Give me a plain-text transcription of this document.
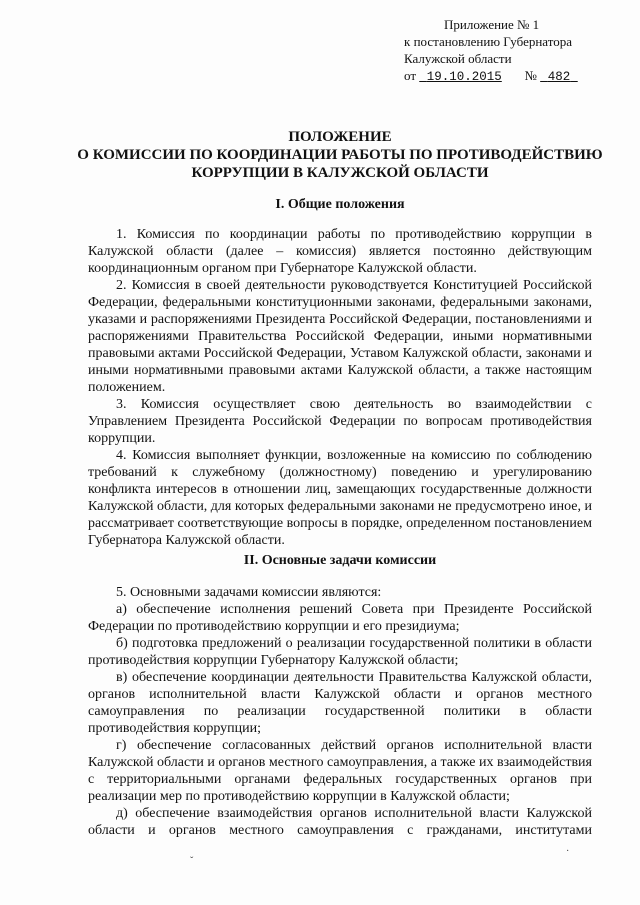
Приложение № 1
к постановлению Губернатора
Калужской области
от 19.10.2015 № 482
ПОЛОЖЕНИЕ
О КОМИССИИ ПО КООРДИНАЦИИ РАБОТЫ ПО ПРОТИВОДЕЙСТВИЮ
КОРРУПЦИИ В КАЛУЖСКОЙ ОБЛАСТИ
I. Общие положения

1. Комиссия по координации работы по противодействию коррупции в Калужской области (далее – комиссия) является постоянно действующим координационным органом при Губернаторе Калужской области.

2. Комиссия в своей деятельности руководствуется Конституцией Российской Федерации, федеральными конституционными законами, федеральными законами, указами и распоряжениями Президента Российской Федерации, постановлениями и распоряжениями Правительства Российской Федерации, иными нормативными правовыми актами Российской Федерации, Уставом Калужской области, законами и иными нормативными правовыми актами Калужской области, а также настоящим положением.

3. Комиссия осуществляет свою деятельность во взаимодействии с Управлением Президента Российской Федерации по вопросам противодействия коррупции.

4. Комиссия выполняет функции, возложенные на комиссию по соблюдению требований к служебному (должностному) поведению и урегулированию конфликта интересов в отношении лиц, замещающих государственные должности Калужской области, для которых федеральными законами не предусмотрено иное, и рассматривает соответствующие вопросы в порядке, определенном постановлением Губернатора Калужской области.

II. Основные задачи комиссии

5. Основными задачами комиссии являются:

а) обеспечение исполнения решений Совета при Президенте Российской Федерации по противодействию коррупции и его президиума;

б) подготовка предложений о реализации государственной политики в области противодействия коррупции Губернатору Калужской области;

в) обеспечение координации деятельности Правительства Калужской области, органов исполнительной власти Калужской области и органов местного самоуправления по реализации государственной политики в области противодействия коррупции;

г) обеспечение согласованных действий органов исполнительной власти Калужской области и органов местного самоуправления, а также их взаимодействия с территориальными органами федеральных государственных органов при реализации мер по противодействию коррупции в Калужской области;

д) обеспечение взаимодействия органов исполнительной власти Калужской области и органов местного самоуправления с гражданами, институтами

ˇ
·
